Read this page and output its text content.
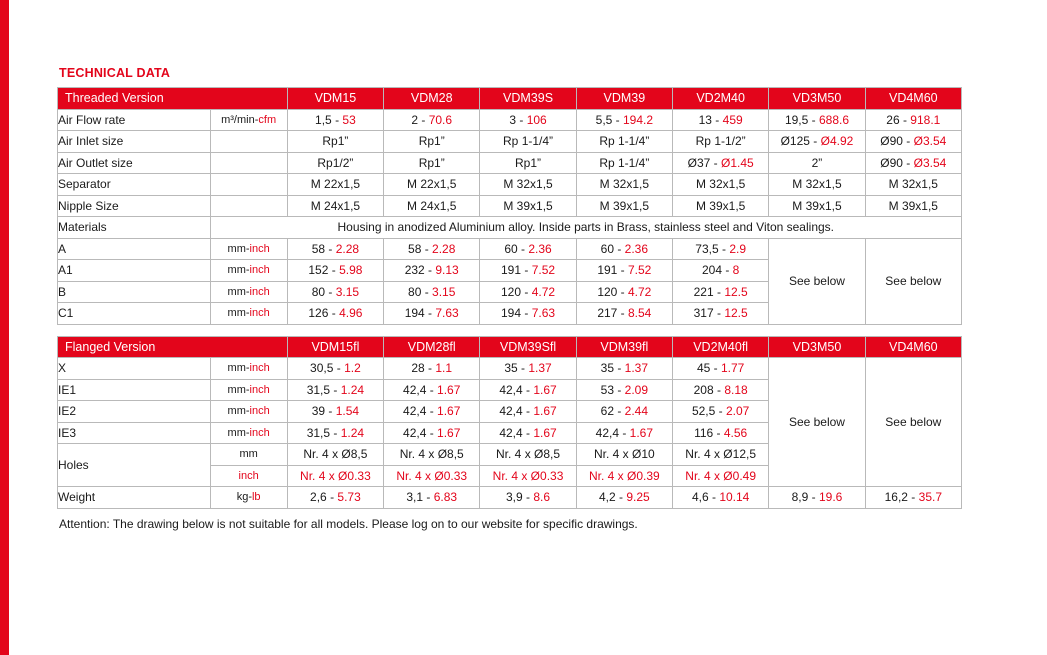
TECHNICAL DATA
Threaded Version		VDM15	VDM28	VDM39S	VDM39	VD2M40	VD3M50	VD4M60
Air Flow rate	m³/min-cfm	1,5 - 53	2 - 70.6	3 - 106	5,5 - 194.2	13 - 459	19,5 - 688.6	26 - 918.1
Air Inlet size		Rp1”	Rp1”	Rp 1-1/4”	Rp 1-1/4”	Rp 1-1/2”	Ø125 - Ø4.92	Ø90 - Ø3.54
Air Outlet size		Rp1/2”	Rp1”	Rp1”	Rp 1-1/4”	Ø37 - Ø1.45	2”	Ø90 - Ø3.54
Separator		M 22x1,5	M 22x1,5	M 32x1,5	M 32x1,5	M 32x1,5	M 32x1,5	M 32x1,5
Nipple Size		M 24x1,5	M 24x1,5	M 39x1,5	M 39x1,5	M 39x1,5	M 39x1,5	M 39x1,5
Materials	Housing in anodized Aluminium alloy. Inside parts in Brass, stainless steel and Viton sealings.							
A	mm-inch	58 - 2.28	58 - 2.28	60 - 2.36	60 - 2.36	73,5 - 2.9	See below	See below
A1	mm-inch	152 - 5.98	232 - 9.13	191 - 7.52	191 - 7.52	204 - 8		
B	mm-inch	80 - 3.15	80 - 3.15	120 - 4.72	120 - 4.72	221 - 12.5		
C1	mm-inch	126 - 4.96	194 - 7.63	194 - 7.63	217 - 8.54	317 - 12.5		
Flanged Version		VDM15fl	VDM28fl	VDM39Sfl	VDM39fl	VD2M40fl	VD3M50	VD4M60
X	mm-inch	30,5 - 1.2	28 - 1.1	35 - 1.37	35 - 1.37	45 - 1.77	See below	See below
IE1	mm-inch	31,5 - 1.24	42,4 - 1.67	42,4 - 1.67	53 - 2.09	208 - 8.18		
IE2	mm-inch	39 - 1.54	42,4 - 1.67	42,4 - 1.67	62 - 2.44	52,5 - 2.07		
IE3	mm-inch	31,5 - 1.24	42,4 - 1.67	42,4 - 1.67	42,4 - 1.67	116 - 4.56		
Holes	mm	Nr. 4 x Ø8,5	Nr. 4 x Ø8,5	Nr. 4 x Ø8,5	Nr. 4 x Ø10	Nr. 4 x Ø12,5		
	inch	Nr. 4 x Ø0.33	Nr. 4 x Ø0.33	Nr. 4 x Ø0.33	Nr. 4 x Ø0.39	Nr. 4 x Ø0.49		
Weight	kg-lb	2,6 - 5.73	3,1 - 6.83	3,9 - 8.6	4,2 - 9.25	4,6 - 10.14	8,9 - 19.6	16,2 - 35.7
Attention: The drawing below is not suitable for all models. Please log on to our website for specific drawings.
